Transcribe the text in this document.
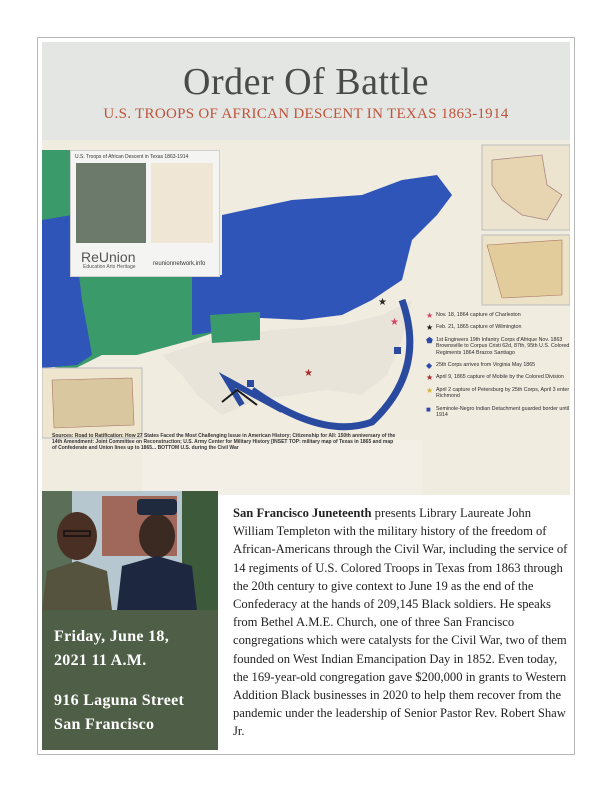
Order Of Battle
U.S. TROOPS OF AFRICAN DESCENT IN TEXAS 1863-1914
★
★
★
U.S. Troops of African Descent in Texas 1863-1914
ReUnion
Education Arts Heritage	reunionnetwork.info
★ Nov. 18, 1864 capture of Charleston
★ Feb. 21, 1865 capture of Wilmington
⬟ 1st Engineers 19th Infantry Corps d'Afrique Nov. 1863 Brownsville to Corpus Cristi 62d, 87th, 95th U.S. Colored Regiments 1864 Brazos Santiago
◆ 25th Corps arrives from Virginia May 1865
★ April 9, 1865 capture of Mobile by the Colored Division
★ April 2 capture of Petersburg by 25th Corps, April 3 enter Richmond
■ Seminole-Negro Indian Detachment guarded border until 1914
Sources: Road to Ratification: How 27 States Faced the Most Challenging Issue in American History; Citizenship for All: 150th anniversary of the 14th Amendment: Joint Committee on Reconstruction; U.S. Army Center for Military History [INSET TOP: military map of Texas in 1865 and map of Confederate and Union lines up to 1865... BOTTOM U.S. during the Civil War
Friday, June 18,
2021 11 A.M.
916 Laguna Street
San Francisco
San Francisco Juneteenth presents Library Laureate John William Templeton with the military history of the freedom of African-Americans through the Civil War, including the service of 14 regiments of U.S. Colored Troops in Texas from 1863 through the 20th century to give context to June 19 as the end of the Confederacy at the hands of 209,145 Black soldiers. He speaks from Bethel A.M.E. Church, one of three San Francisco congregations which were catalysts for the Civil War, two of them founded on West Indian Emancipation Day in 1852. Even today, the 169-year-old congregation gave $200,000 in grants to Western Addition Black businesses in 2020 to help them recover from the pandemic under the leadership of Senior Pastor Rev. Robert Shaw Jr.
